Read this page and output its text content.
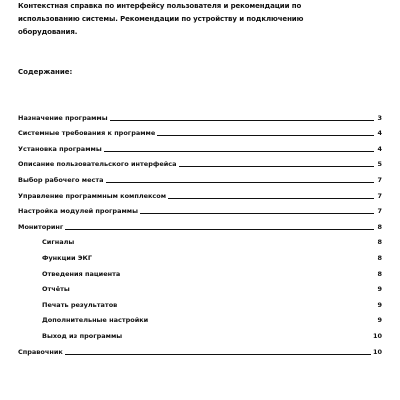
Контекстная справка по интерфейсу пользователя и рекомендации по
использованию системы. Рекомендации по устройству и подключению
оборудования.
Содержание:
Назначение программы	3
Системные требования к программе	4
Установка программы	4
Описание пользовательского интерфейса	5
Выбор рабочего места	7
Управление программным комплексом	7
Настройка модулей программы	7
Мониторинг	8
Сигналы	8
Функции ЭКГ	8
Отведения пациента	8
Отчёты	9
Печать результатов	9
Дополнительные настройки	9
Выход из программы	10
Справочник	10
